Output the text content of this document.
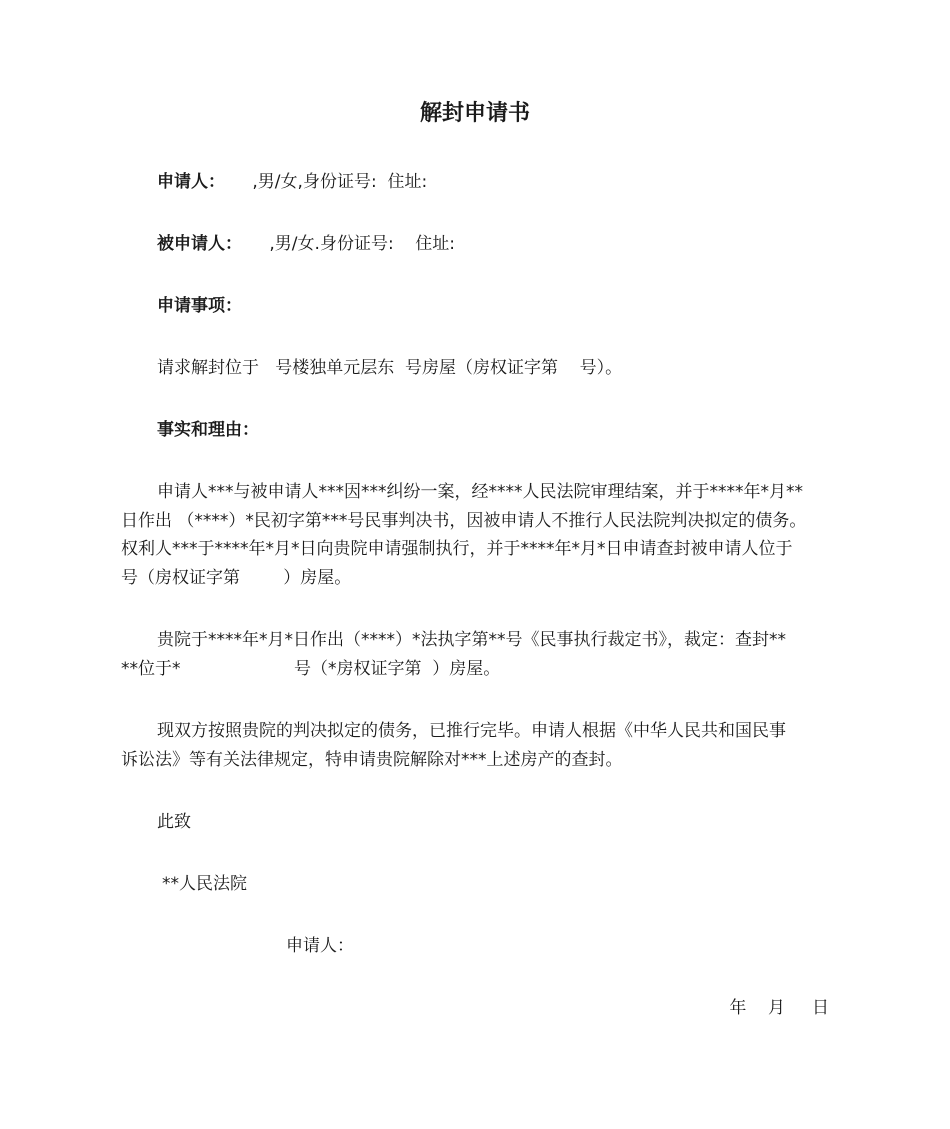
解封申请书
申请人： ,男/女,身份证号:  住址:
被申请人： ,男/女.身份证号:    住址:
申请事项：
请求解封位于   号楼独单元层东  号房屋（房权证字第    号）。
事实和理由：
申请人***与被申请人***因***纠纷一案，经****人民法院审理结案，并于****年*月**
日作出 （****）*民初字第***号民事判决书，因被申请人不推行人民法院判决拟定的债务。
权利人***于****年*月*日向贵院申请强制执行，并于****年*月*日申请查封被申请人位于
号（房权证字第        ）房屋。
贵院于****年*月*日作出（****）*法执字第**号《民事执行裁定书》，裁定：查封**
**位于*                     号（*房权证字第  ）房屋。
现双方按照贵院的判决拟定的债务，已推行完毕。申请人根据《中华人民共和国民事
诉讼法》等有关法律规定，特申请贵院解除对***上述房产的查封。
此致
**人民法院
申请人：
年    月     日
